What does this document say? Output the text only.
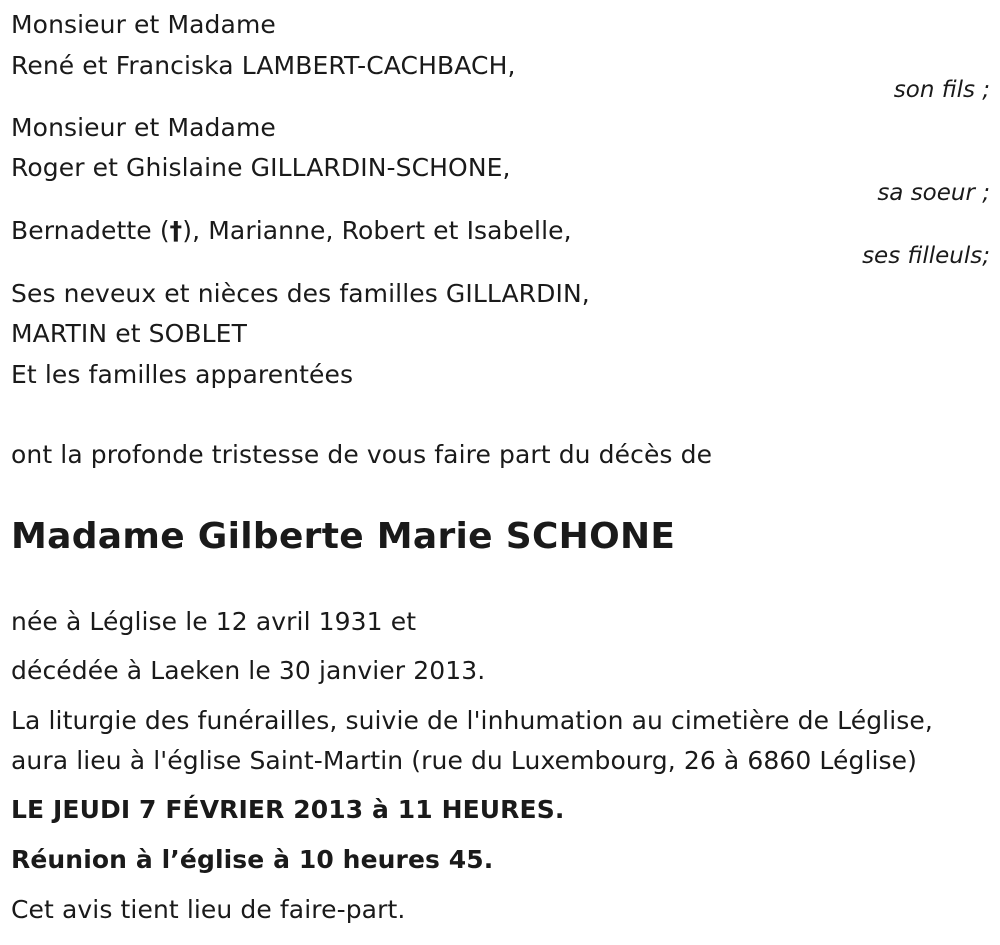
Monsieur et Madame
René et Franciska LAMBERT-CACHBACH,
son fils ;
Monsieur et Madame
Roger et Ghislaine GILLARDIN-SCHONE,
sa soeur ;
Bernadette (†), Marianne, Robert et Isabelle,
ses filleuls;
Ses neveux et nièces des familles GILLARDIN,
MARTIN et SOBLET
Et les familles apparentées
ont la profonde tristesse de vous faire part du décès de
Madame Gilberte Marie SCHONE
née à Léglise le 12 avril 1931 et
décédée à Laeken le 30 janvier 2013.
La liturgie des funérailles, suivie de l'inhumation au cimetière de Léglise,
aura lieu à l'église Saint-Martin (rue du Luxembourg, 26 à 6860 Léglise)
LE JEUDI 7 FÉVRIER 2013 à 11 HEURES.
Réunion à l’église à 10 heures 45.
Cet avis tient lieu de faire-part.
